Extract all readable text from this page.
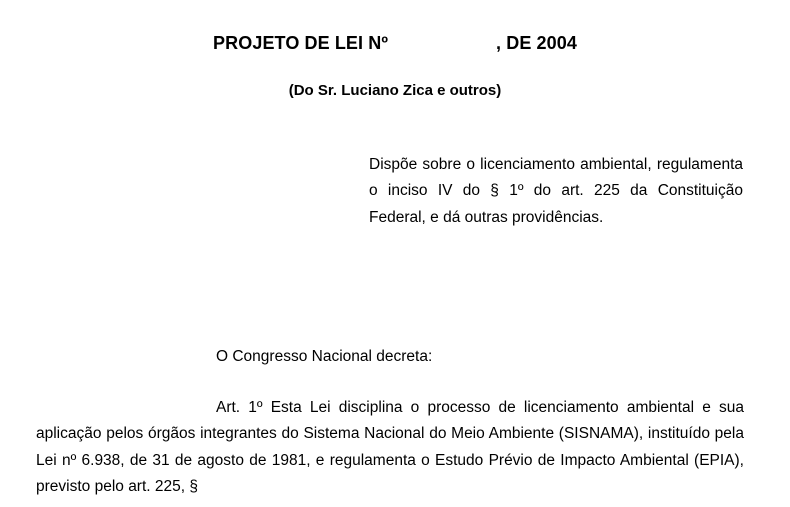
PROJETO DE LEI Nº	, DE 2004
(Do Sr. Luciano Zica e outros)
Dispõe sobre o licenciamento ambiental, regulamenta o inciso IV do § 1º do art. 225 da Constituição Federal, e dá outras providências.
O Congresso Nacional decreta:
Art. 1º Esta Lei disciplina o processo de licenciamento ambiental e sua aplicação pelos órgãos integrantes do Sistema Nacional do Meio Ambiente (SISNAMA), instituído pela Lei nº 6.938, de 31 de agosto de 1981, e regulamenta o Estudo Prévio de Impacto Ambiental (EPIA), previsto pelo art. 225, §
